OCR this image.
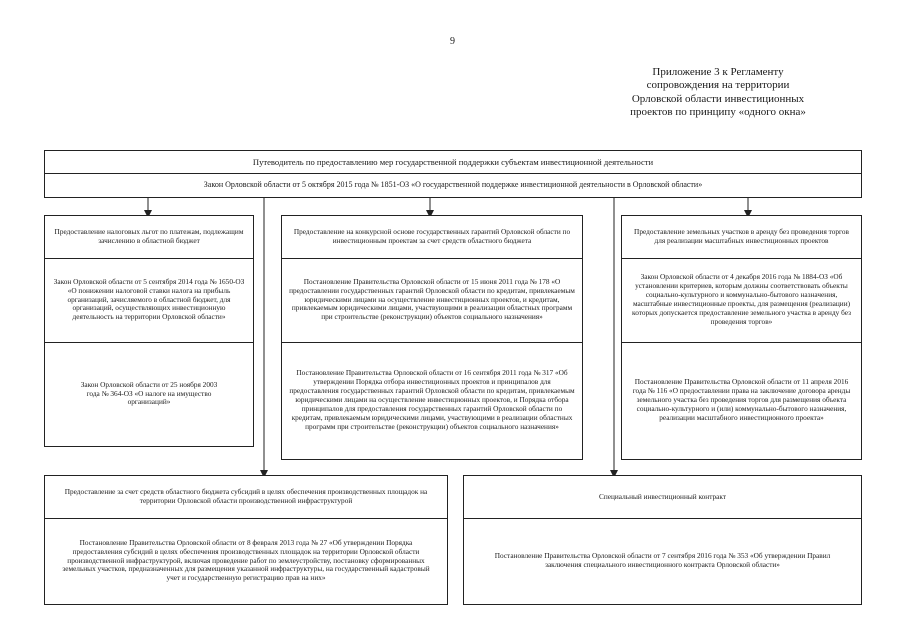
9
Приложение 3 к Регламенту
сопровождения на территории
Орловской области инвестиционных
проектов по принципу «одного окна»
Путеводитель по предоставлению мер государственной поддержки субъектам инвестиционной деятельности
Закон Орловской области от 5 октября 2015 года № 1851-ОЗ «О государственной поддержке инвестиционной деятельности в Орловской области»
Предоставление налоговых льгот по платежам, подлежащим зачислению в областной бюджет
Закон Орловской области от 5 сентября 2014 года № 1650-ОЗ «О понижении налоговой ставки налога на прибыль организаций, зачисляемого в областной бюджет, для организаций, осуществляющих инвестиционную деятельность на территории Орловской области»
Закон Орловской области от 25 ноября 2003 года № 364-ОЗ «О налоге на имущество организаций»
Предоставление на конкурсной основе государственных гарантий Орловской области по инвестиционным проектам за счет средств областного бюджета
Постановление Правительства Орловской области от 15 июня 2011 года № 178 «О предоставлении государственных гарантий Орловской области по кредитам, привлекаемым юридическими лицами на осуществление инвестиционных проектов, и кредитам, привлекаемым юридическими лицами, участвующими в реализации областных программ при строительстве (реконструкции) объектов социального назначения»
Постановление Правительства Орловской области от 16 сентября 2011 года № 317 «Об утверждении Порядка отбора инвестиционных проектов и принципалов для предоставления государственных гарантий Орловской области по кредитам, привлекаемым юридическими лицами на осуществление инвестиционных проектов, и Порядка отбора принципалов для предоставления государственных гарантий Орловской области по кредитам, привлекаемым юридическими лицами, участвующими в реализации областных программ при строительстве (реконструкции) объектов социального назначения»
Предоставление земельных участков в аренду без проведения торгов для реализации масштабных инвестиционных проектов
Закон Орловской области от 4 декабря 2016 года № 1884-ОЗ «Об установлении критериев, которым должны соответствовать объекты социально-культурного и коммунально-бытового назначения, масштабные инвестиционные проекты, для размещения (реализации) которых допускается предоставление земельного участка в аренду без проведения торгов»
Постановление Правительства Орловской области от 11 апреля 2016 года № 116 «О предоставлении права на заключение договора аренды земельного участка без проведения торгов для размещения объекта социально-культурного и (или) коммунально-бытового назначения, реализации масштабного инвестиционного проекта»
Предоставление за счет средств областного бюджета субсидий в целях обеспечения производственных площадок на территории Орловской области производственной инфраструктурой
Постановление Правительства Орловской области от 8 февраля 2013 года № 27 «Об утверждении Порядка предоставления субсидий в целях обеспечения производственных площадок на территории Орловской области производственной инфраструктурой, включая проведение работ по землеустройству, постановку сформированных земельных участков, предназначенных для размещения указанной инфраструктуры, на государственный кадастровый учет и государственную регистрацию прав на них»
Специальный инвестиционный контракт
Постановление Правительства Орловской области от 7 сентября 2016 года № 353 «Об утверждении Правил заключения специального инвестиционного контракта Орловской области»
